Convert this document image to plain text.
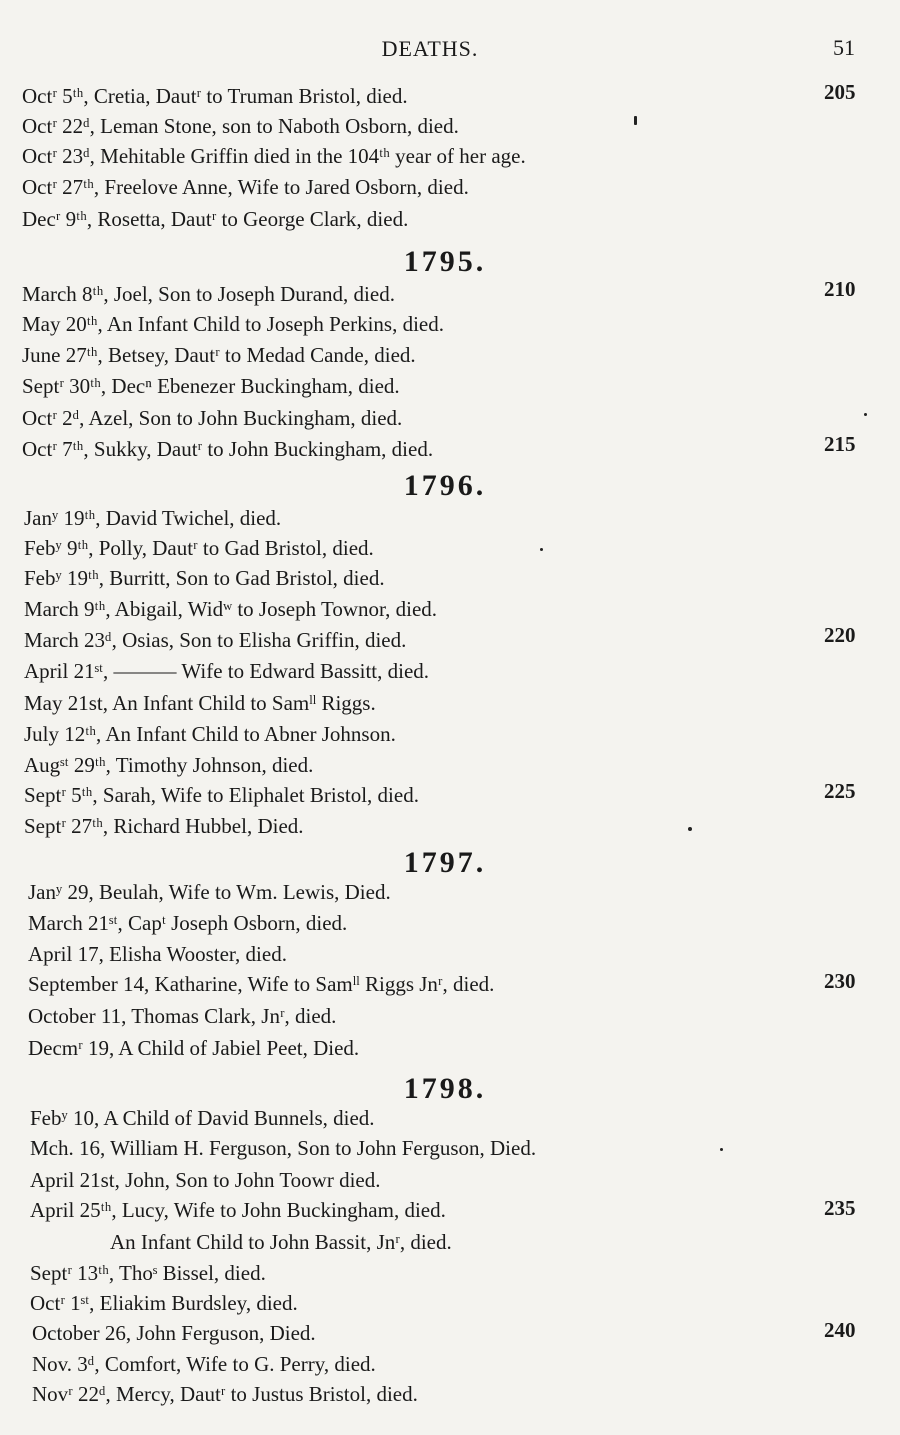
DEATHS.	51
Octʳ 5ᵗʰ, Cretia, Dautʳ to Truman Bristol, died.
Octʳ 22ᵈ, Leman Stone, son to Naboth Osborn, died.
Octʳ 23ᵈ, Mehitable Griffin died in the 104ᵗʰ year of her age.
Octʳ 27ᵗʰ, Freelove Anne, Wife to Jared Osborn, died.
Decʳ 9ᵗʰ, Rosetta, Dautʳ to George Clark, died.
1795.
March 8ᵗʰ, Joel, Son to Joseph Durand, died.
May 20ᵗʰ, An Infant Child to Joseph Perkins, died.
June 27ᵗʰ, Betsey, Dautʳ to Medad Cande, died.
Septʳ 30ᵗʰ, Decⁿ Ebenezer Buckingham, died.
Octʳ 2ᵈ, Azel, Son to John Buckingham, died.
Octʳ 7ᵗʰ, Sukky, Dautʳ to John Buckingham, died.
1796.
Janʸ 19ᵗʰ, David Twichel, died.
Febʸ 9ᵗʰ, Polly, Dautʳ to Gad Bristol, died.
Febʸ 19ᵗʰ, Burritt, Son to Gad Bristol, died.
March 9ᵗʰ, Abigail, Widʷ to Joseph Townor, died.
March 23ᵈ, Osias, Son to Elisha Griffin, died.
April 21ˢᵗ, ——— Wife to Edward Bassitt, died.
May 21st, An Infant Child to Samˡˡ Riggs.
July 12ᵗʰ, An Infant Child to Abner Johnson.
Augˢᵗ 29ᵗʰ, Timothy Johnson, died.
Septʳ 5ᵗʰ, Sarah, Wife to Eliphalet Bristol, died.
Septʳ 27ᵗʰ, Richard Hubbel, Died.
1797.
Janʸ 29, Beulah, Wife to Wm. Lewis, Died.
March 21ˢᵗ, Capᵗ Joseph Osborn, died.
April 17, Elisha Wooster, died.
September 14, Katharine, Wife to Samˡˡ Riggs Jnʳ, died.
October 11, Thomas Clark, Jnʳ, died.
Decmʳ 19, A Child of Jabiel Peet, Died.
1798.
Febʸ 10, A Child of David Bunnels, died.
Mch. 16, William H. Ferguson, Son to John Ferguson, Died.
April 21st, John, Son to John Toowr died.
April 25ᵗʰ, Lucy, Wife to John Buckingham, died.
An Infant Child to John Bassit, Jnʳ, died.
Septʳ 13ᵗʰ, Thoˢ Bissel, died.
Octʳ 1ˢᵗ, Eliakim Burdsley, died.
October 26, John Ferguson, Died.
Nov. 3ᵈ, Comfort, Wife to G. Perry, died.
Novʳ 22ᵈ, Mercy, Dautʳ to Justus Bristol, died.
205
210
215
220
225
230
235
240
